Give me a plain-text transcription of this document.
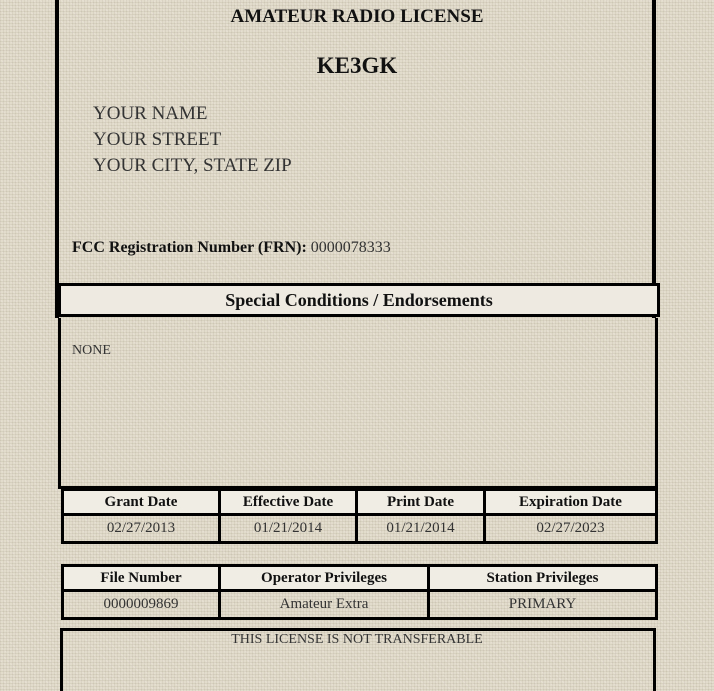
AMATEUR RADIO LICENSE
KE3GK
YOUR NAME
YOUR STREET
YOUR CITY, STATE ZIP
FCC Registration Number (FRN): 0000078333
Special Conditions / Endorsements
NONE
Grant Date	Effective Date	Print Date	Expiration Date
02/27/2013	01/21/2014	01/21/2014	02/27/2023
File Number	Operator Privileges	Station Privileges
0000009869	Amateur Extra	PRIMARY
THIS LICENSE IS NOT TRANSFERABLE
